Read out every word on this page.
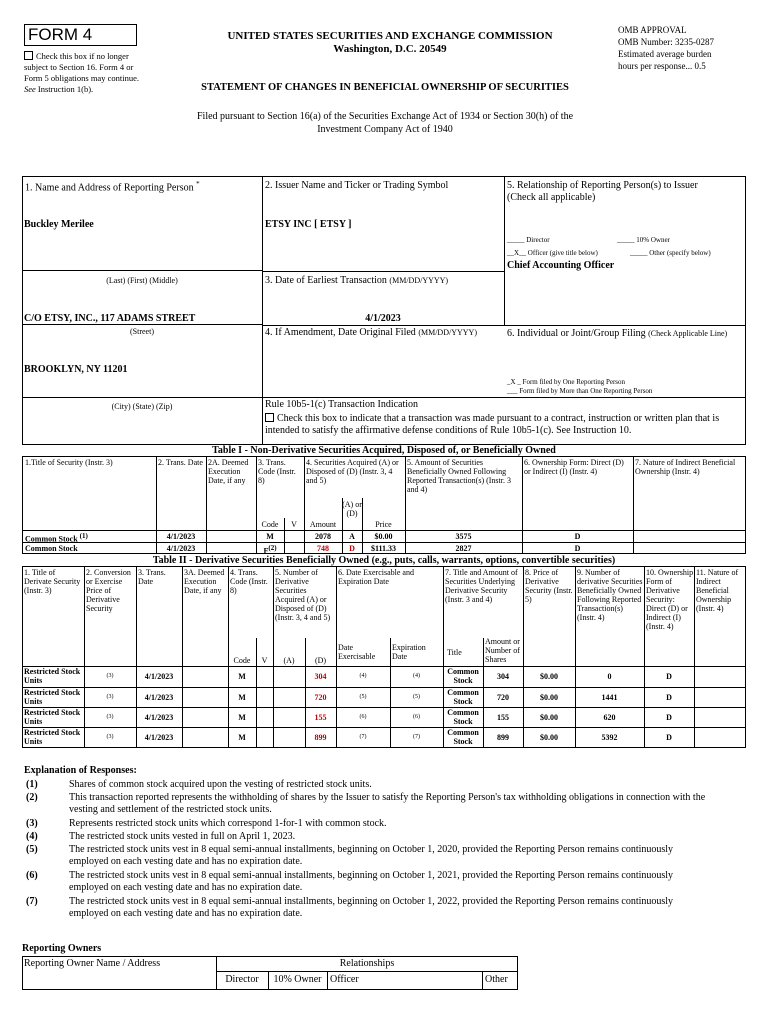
FORM 4
Check this box if no longer subject to Section 16. Form 4 or Form 5 obligations may continue. See Instruction 1(b).
UNITED STATES SECURITIES AND EXCHANGE COMMISSION
Washington, D.C. 20549
OMB APPROVAL
OMB Number: 3235-0287
Estimated average burden
hours per response... 0.5
STATEMENT OF CHANGES IN BENEFICIAL OWNERSHIP OF SECURITIES
Filed pursuant to Section 16(a) of the Securities Exchange Act of 1934 or Section 30(h) of the
Investment Company Act of 1940
1. Name and Address of Reporting Person *
Buckley Merilee
(Last) (First) (Middle)
C/O ETSY, INC., 117 ADAMS STREET
(Street)
BROOKLYN, NY 11201
(City) (State) (Zip)
2. Issuer Name and Ticker or Trading Symbol
ETSY INC [ ETSY ]
3. Date of Earliest Transaction (MM/DD/YYYY)
4/1/2023
4. If Amendment, Date Original Filed (MM/DD/YYYY)
5. Relationship of Reporting Person(s) to Issuer
(Check all applicable)
_____ Director	_____ 10% Owner
__X__ Officer (give title below)	_____ Other (specify below)
Chief Accounting Officer
6. Individual or Joint/Group Filing (Check Applicable Line)
_X _ Form filed by One Reporting Person
___ Form filed by More than One Reporting Person
Rule 10b5-1(c) Transaction Indication
Check this box to indicate that a transaction was made pursuant to a contract, instruction or written plan that is intended to satisfy the affirmative defense conditions of Rule 10b5-1(c). See Instruction 10.
Table I - Non-Derivative Securities Acquired, Disposed of, or Beneficially Owned
1.Title of Security (Instr. 3)	2. Trans. Date 2A. Deemed Execution Date, if any
3. Trans. Code (Instr. 8)
4. Securities Acquired (A) or Disposed of (D) (Instr. 3, 4 and 5)
5. Amount of Securities Beneficially Owned Following Reported Transaction(s) (Instr. 3 and 4)
6. Ownership Form: Direct (D) or Indirect (I) (Instr. 4)
7. Nature of Indirect Beneficial Ownership (Instr. 4)
Code	V	Amount
(A) or (D)
Price
Common Stock $^{(1)}$	4/1/2023	M	2078	A	$0.00	3575	D
Common Stock	4/1/2023	$F^{(2)}$	748	D	$111.33	2827	D
Table II - Derivative Securities Beneficially Owned (e.g., puts, calls, warrants, options, convertible securities)
1. Title of Derivate Security (Instr. 3)
2. Conversion or Exercise Price of Derivative Security
3. Trans. Date
3A. Deemed Execution Date, if any
4. Trans. Code (Instr. 8)
5. Number of Derivative Securities Acquired (A) or Disposed of (D) (Instr. 3, 4 and 5)
6. Date Exercisable and Expiration Date
7. Title and Amount of Securities Underlying Derivative Security (Instr. 3 and 4)
8. Price of Derivative Security (Instr. 5)
9. Number of derivative Securities Beneficially Owned Following Reported Transaction(s) (Instr. 4)
10. Ownership Form of Derivative Security: Direct (D) or Indirect (I) (Instr. 4)
11. Nature of Indirect Beneficial Ownership (Instr. 4)
Code	V	(A)	(D)
Date Exercisable
Expiration Date	Title
Amount or Number of Shares
Restricted Stock Units	(3)	4/1/2023	M	304	(4)	(4)	Common Stock	304	$0.00	0	D
Restricted Stock Units	(3)	4/1/2023	M	720	(5)	(5)	Common Stock	720	$0.00	1441	D
Restricted Stock Units	(3)	4/1/2023	M	155	(6)	(6)	Common Stock	155	$0.00	620	D
Restricted Stock Units	(3)	4/1/2023	M	899	(7)	(7)	Common Stock	899	$0.00	5392	D
Explanation of Responses:
(1)	Shares of common stock acquired upon the vesting of restricted stock units.
(2)	This transaction reported represents the withholding of shares by the Issuer to satisfy the Reporting Person's tax withholding obligations in connection with the vesting and settlement of the restricted stock units.
(3)	Represents restricted stock units which correspond 1-for-1 with common stock.
(4)	The restricted stock units vested in full on April 1, 2023.
(5)	The restricted stock units vest in 8 equal semi-annual installments, beginning on October 1, 2020, provided the Reporting Person remains continuously employed on each vesting date and has no expiration date.
(6)	The restricted stock units vest in 8 equal semi-annual installments, beginning on October 1, 2021, provided the Reporting Person remains continuously employed on each vesting date and has no expiration date.
(7)	The restricted stock units vest in 8 equal semi-annual installments, beginning on October 1, 2022, provided the Reporting Person remains continuously employed on each vesting date and has no expiration date.
Reporting Owners
Reporting Owner Name / Address	Relationships
Director	10% Owner Officer	Other
